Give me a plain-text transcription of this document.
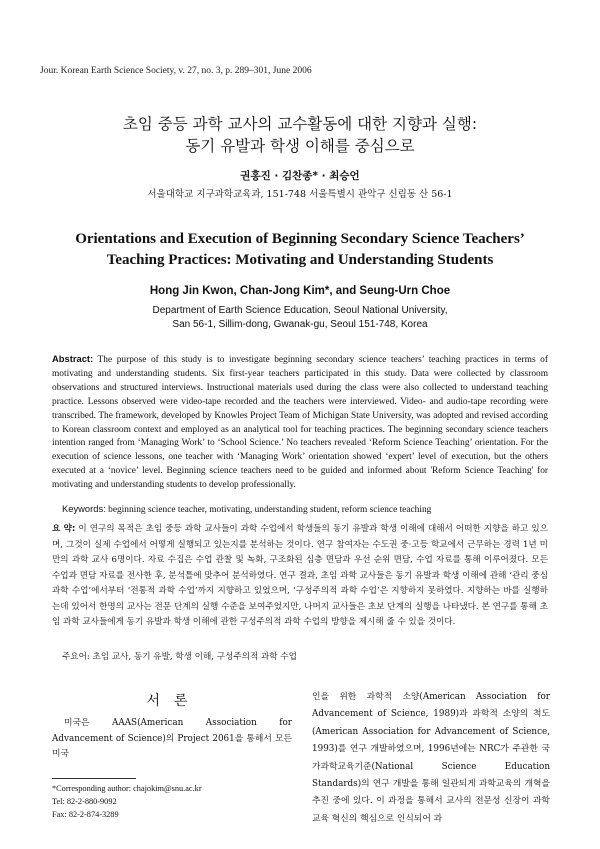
Jour. Korean Earth Science Society, v. 27, no. 3, p. 289–301, June 2006
초임 중등 과학 교사의 교수활동에 대한 지향과 실행:
동기 유발과 학생 이해를 중심으로
권홍진 · 김찬종* · 최승언
서울대학교 지구과학교육과, 151-748 서울특별시 관악구 신림동 산 56-1
Orientations and Execution of Beginning Secondary Science Teachers’
Teaching Practices: Motivating and Understanding Students
Hong Jin Kwon, Chan-Jong Kim*, and Seung-Urn Choe
Department of Earth Science Education, Seoul National University,
San 56-1, Sillim-dong, Gwanak-gu, Seoul 151-748, Korea
Abstract: The purpose of this study is to investigate beginning secondary science teachers’ teaching practices in terms of motivating and understanding students. Six first-year teachers participated in this study. Data were collected by classroom observations and structured interviews. Instructional materials used during the class were also collected to understand teaching practice. Lessons observed were video-tape recorded and the teachers were interviewed. Video- and audio-tape recording were transcribed. The framework, developed by Knowles Project Team of Michigan State University, was adopted and revised according to Korean classroom context and employed as an analytical tool for teaching practices. The beginning secondary science teachers intention ranged from ‘Managing Work’ to ‘School Science.’ No teachers revealed ‘Reform Science Teaching’ orientation. For the execution of science lessons, one teacher with ‘Managing Work’ orientation showed ‘expert’ level of execution, but the others executed at a ‘novice’ level. Beginning science teachers need to be guided and informed about 'Reform Science Teaching' for motivating and understanding students to develop professionally.
Keywords: beginning science teacher, motivating, understanding student, reform science teaching
요 약: 이 연구의 목적은 초임 중등 과학 교사들이 과학 수업에서 학생들의 동기 유발과 학생 이해에 대해서 어떠한 지향을 하고 있으며, 그것이 실제 수업에서 어떻게 실행되고 있는지를 분석하는 것이다. 연구 참여자는 수도권 중·고등 학교에서 근무하는 경력 1년 미만의 과학 교사 6명이다. 자료 수집은 수업 관찰 및 녹화, 구조화된 심층 면담과 우선 순위 면담, 수업 자료를 통해 이루어졌다. 모든 수업과 면담 자료를 전사한 후, 분석틀에 맞추어 분석하였다. 연구 결과, 초임 과학 교사들은 동기 유발과 학생 이해에 관해 ‘관리 중심 과학 수업’에서부터 ‘전통적 과학 수업’까지 지향하고 있었으며, ‘구성주의적 과학 수업’은 지향하지 못하였다. 지향하는 바를 실행하는데 있어서 한명의 교사는 전문 단계의 실행 수준을 보여주었지만, 나머지 교사들은 초보 단계의 실행을 나타냈다. 본 연구를 통해 초임 과학 교사들에게 동기 유발과 학생 이해에 관한 구성주의적 과학 수업의 방향을 제시해 줄 수 있을 것이다.
주요어: 초임 교사, 동기 유발, 학생 이해, 구성주의적 과학 수업
서론
미국은 AAAS(American Association for Advancement of Science)의 Project 2061을 통해서 모든 미국
인을 위한 과학적 소양(American Association for Advancement of Science, 1989)과 과학적 소양의 척도(American Association for Advancement of Science, 1993)를 연구 개발하였으며, 1996년에는 NRC가 주관한 국가과학교육기준(National Science Education Standards)의 연구 개발을 통해 일관되게 과학교육의 개혁을 추진 중에 있다. 이 과정을 통해서 교사의 전문성 신장이 과학교육 혁신의 핵심으로 인식되어 과
*Corresponding author: chajokim@snu.ac.kr
Tel: 82-2-880-9092
Fax: 82-2-874-3289
